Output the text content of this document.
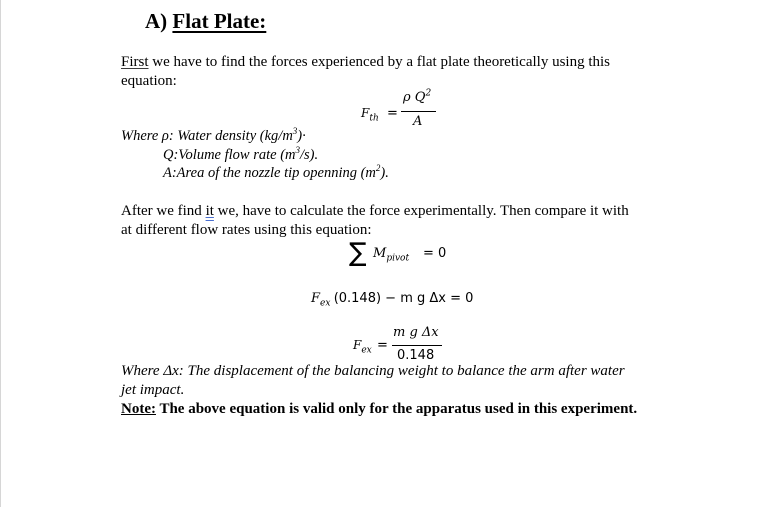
A) Flat Plate:
First we have to find the forces experienced by a flat plate theoretically using this
equation:
$F_{th}$ =
ρ $Q^2$
A
Where ρ: Water density $(kg/m^3)\cdot$
Q:Volume flow rate $(m^3/s)$.
A:Area of the nozzle tip openning $(m^2)$.
After we find it we, have to calculate the force experimentally. Then compare it with
at different flow rates using this equation:
∑ $M_{pivot} = 0$
$F_{ex}$ (0.148) − m g Δx = 0
$F_{ex}$ =
m g Δx
0.148
Where Δx: The displacement of the balancing weight to balance the arm after water
jet impact.
Note: The above equation is valid only for the apparatus used in this experiment.
